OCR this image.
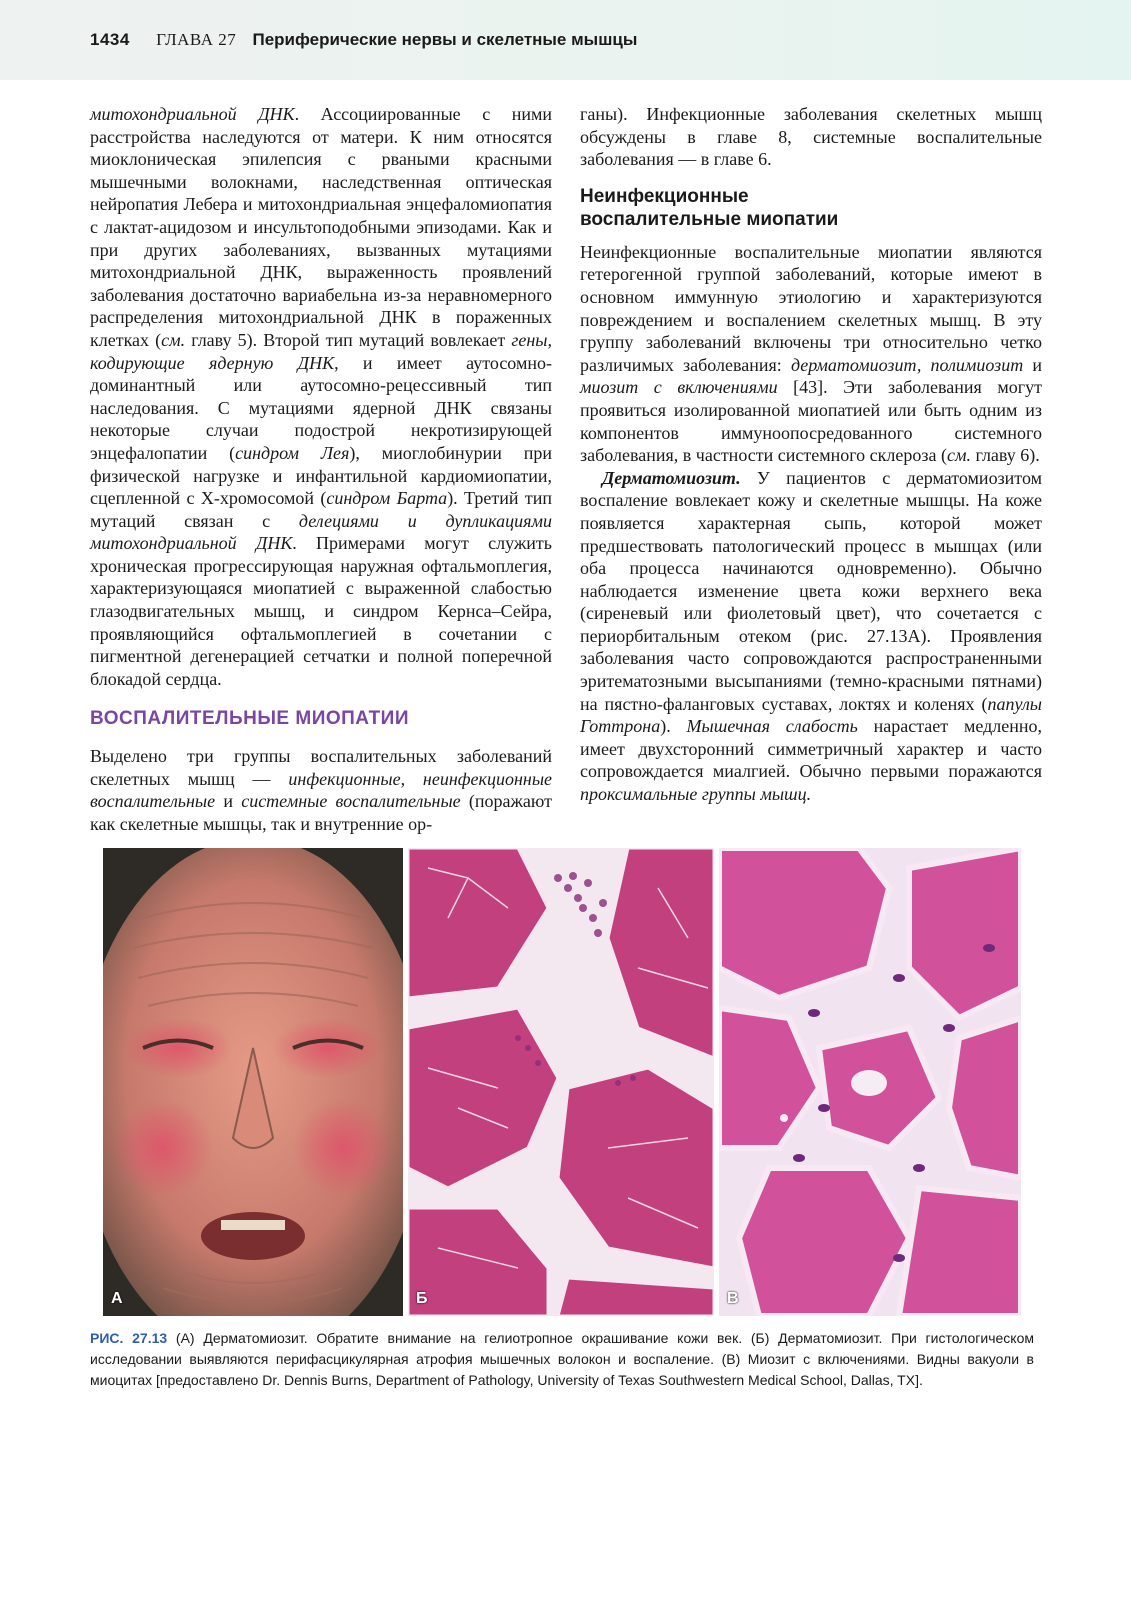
1434 ГЛАВА 27 Периферические нервы и скелетные мышцы

митохондриальной ДНК. Ассоциированные с ними расстройства наследуются от матери. К ним относятся миоклоническая эпилепсия с рваными красными мышечными волокнами, наследственная оптическая нейропатия Лебера и митохондриальная энцефаломиопатия с лактат-ацидозом и инсультоподобными эпизодами. Как и при других заболеваниях, вызванных мутациями митохондриальной ДНК, выраженность проявлений заболевания достаточно вариабельна из-за неравномерного распределения митохондриальной ДНК в пораженных клетках (см. главу 5). Второй тип мутаций вовлекает гены, кодирующие ядерную ДНК, и имеет аутосомно-доминантный или аутосомно-рецессивный тип наследования. С мутациями ядерной ДНК связаны некоторые случаи подострой некротизирующей энцефалопатии (синдром Лея), миоглобинурии при физической нагрузке и инфантильной кардиомиопатии, сцепленной с X-хромосомой (синдром Барта). Третий тип мутаций связан с делециями и дупликациями митохондриальной ДНК. Примерами могут служить хроническая прогрессирующая наружная офтальмоплегия, характеризующаяся миопатией с выраженной слабостью глазодвигательных мышц, и синдром Кернса–Сейра, проявляющийся офтальмоплегией в сочетании с пигментной дегенерацией сетчатки и полной поперечной блокадой сердца.

ВОСПАЛИТЕЛЬНЫЕ МИОПАТИИ

Выделено три группы воспалительных заболеваний скелетных мышц — инфекционные, неинфекционные воспалительные и системные воспалительные (поражают как скелетные мышцы, так и внутренние ор-

ганы). Инфекционные заболевания скелетных мышц обсуждены в главе 8, системные воспалительные заболевания — в главе 6.

Неинфекционные
воспалительные миопатии

Неинфекционные воспалительные миопатии являются гетерогенной группой заболеваний, которые имеют в основном иммунную этиологию и характеризуются повреждением и воспалением скелетных мышц. В эту группу заболеваний включены три относительно четко различимых заболевания: дерматомиозит, полимиозит и миозит с включениями [43]. Эти заболевания могут проявиться изолированной миопатией или быть одним из компонентов иммуноопосредованного системного заболевания, в частности системного склероза (см. главу 6).

Дерматомиозит. У пациентов с дерматомиозитом воспаление вовлекает кожу и скелетные мышцы. На коже появляется характерная сыпь, которой может предшествовать патологический процесс в мышцах (или оба процесса начинаются одновременно). Обычно наблюдается изменение цвета кожи верхнего века (сиреневый или фиолетовый цвет), что сочетается с периорбитальным отеком (рис. 27.13А). Проявления заболевания часто сопровождаются распространенными эритематозными высыпаниями (темно-красными пятнами) на пястно-фаланговых суставах, локтях и коленях (папулы Готтрона). Мышечная слабость нарастает медленно, имеет двухсторонний симметричный характер и часто сопровождается миалгией. Обычно первыми поражаются проксимальные группы мышц.

А	Б	В
РИС. 27.13 (А) Дерматомиозит. Обратите внимание на гелиотропное окрашивание кожи век. (Б) Дерматомиозит. При гистологическом исследовании выявляются перифасцикулярная атрофия мышечных волокон и воспаление. (В) Миозит с включениями. Видны вакуоли в миоцитах [предоставлено Dr. Dennis Burns, Department of Pathology, University of Texas Southwestern Medical School, Dallas, TX].
